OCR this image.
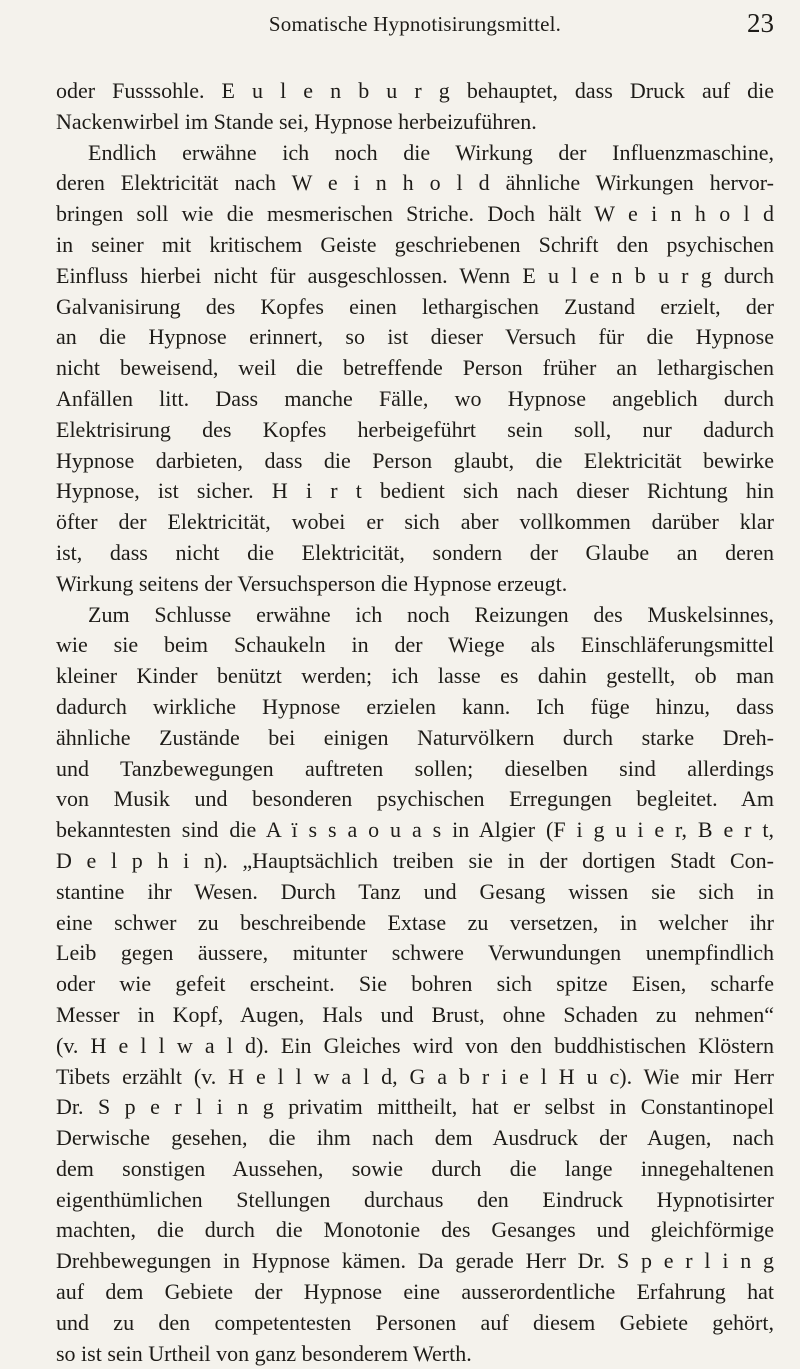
Somatische Hypnotisirungsmittel.	23
oder Fusssohle. E u l e n b u r g behauptet, dass Druck auf die
Nackenwirbel im Stande sei, Hypnose herbeizuführen.
Endlich erwähne ich noch die Wirkung der Influenzmaschine,
deren Elektricität nach W e i n h o l d ähnliche Wirkungen hervor-
bringen soll wie die mesmerischen Striche. Doch hält W e i n h o l d
in seiner mit kritischem Geiste geschriebenen Schrift den psychischen
Einfluss hierbei nicht für ausgeschlossen. Wenn E u l e n b u r g durch
Galvanisirung des Kopfes einen lethargischen Zustand erzielt, der
an die Hypnose erinnert, so ist dieser Versuch für die Hypnose
nicht beweisend, weil die betreffende Person früher an lethargischen
Anfällen litt. Dass manche Fälle, wo Hypnose angeblich durch
Elektrisirung des Kopfes herbeigeführt sein soll, nur dadurch
Hypnose darbieten, dass die Person glaubt, die Elektricität bewirke
Hypnose, ist sicher. H i r t bedient sich nach dieser Richtung hin
öfter der Elektricität, wobei er sich aber vollkommen darüber klar
ist, dass nicht die Elektricität, sondern der Glaube an deren
Wirkung seitens der Versuchsperson die Hypnose erzeugt.
Zum Schlusse erwähne ich noch Reizungen des Muskelsinnes,
wie sie beim Schaukeln in der Wiege als Einschläferungsmittel
kleiner Kinder benützt werden; ich lasse es dahin gestellt, ob man
dadurch wirkliche Hypnose erzielen kann. Ich füge hinzu, dass
ähnliche Zustände bei einigen Naturvölkern durch starke Dreh-
und Tanzbewegungen auftreten sollen; dieselben sind allerdings
von Musik und besonderen psychischen Erregungen begleitet. Am
bekanntesten sind die A ï s s a o u a s in Algier (F i g u i e r, B e r t,
D e l p h i n). „Hauptsächlich treiben sie in der dortigen Stadt Con-
stantine ihr Wesen. Durch Tanz und Gesang wissen sie sich in
eine schwer zu beschreibende Extase zu versetzen, in welcher ihr
Leib gegen äussere, mitunter schwere Verwundungen unempfindlich
oder wie gefeit erscheint. Sie bohren sich spitze Eisen, scharfe
Messer in Kopf, Augen, Hals und Brust, ohne Schaden zu nehmen“
(v. H e l l w a l d). Ein Gleiches wird von den buddhistischen Klöstern
Tibets erzählt (v. H e l l w a l d, G a b r i e l H u c). Wie mir Herr
Dr. S p e r l i n g privatim mittheilt, hat er selbst in Constantinopel
Derwische gesehen, die ihm nach dem Ausdruck der Augen, nach
dem sonstigen Aussehen, sowie durch die lange innegehaltenen
eigenthümlichen Stellungen durchaus den Eindruck Hypnotisirter
machten, die durch die Monotonie des Gesanges und gleichförmige
Drehbewegungen in Hypnose kämen. Da gerade Herr Dr. S p e r l i n g
auf dem Gebiete der Hypnose eine ausserordentliche Erfahrung hat
und zu den competentesten Personen auf diesem Gebiete gehört,
so ist sein Urtheil von ganz besonderem Werth.
